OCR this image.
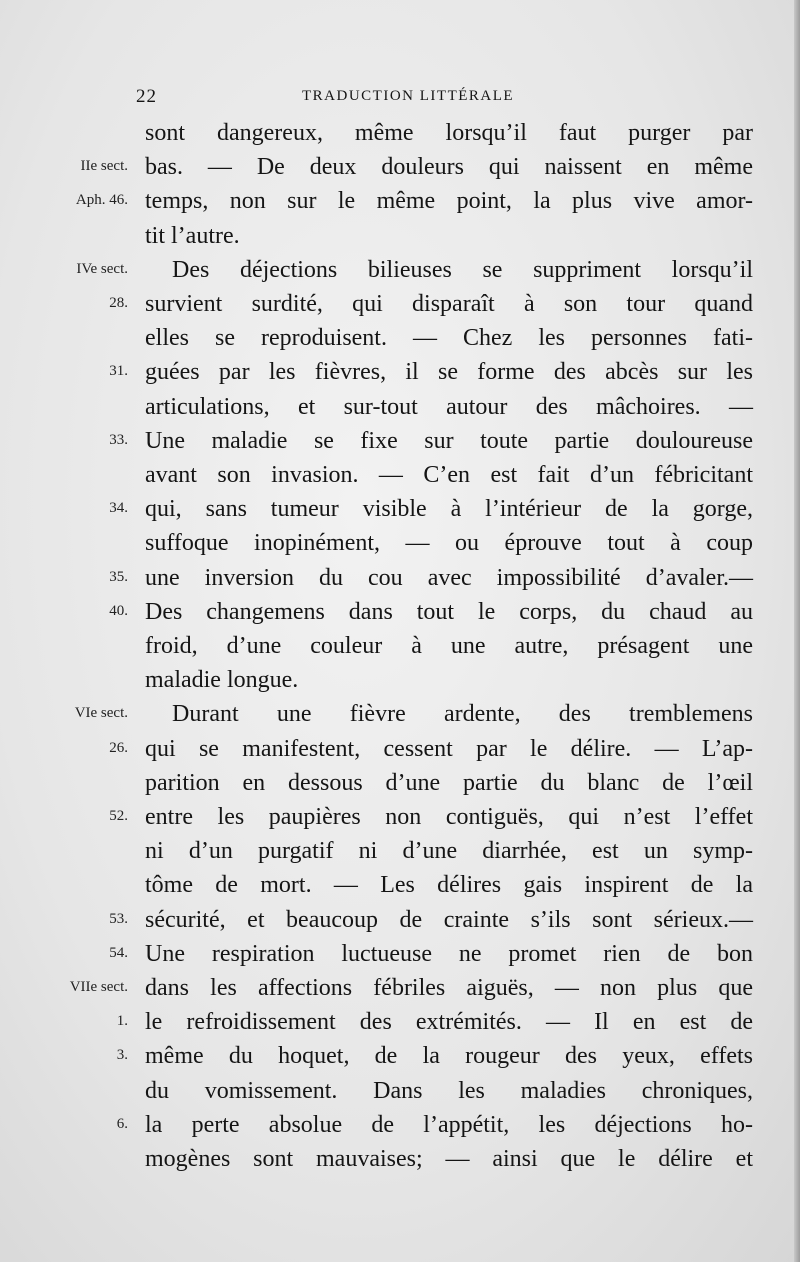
22	TRADUCTION LITTÉRALE
IIe sect.
Aph. 46.
IVe sect.
28.
31.
33.
34.
35.
40.
VIe sect.
26.
52.
53.
54.
VIIe sect.
1.
3.
6.
sont dangereux, même lorsqu’il faut purger par
bas. — De deux douleurs qui naissent en même
temps, non sur le même point, la plus vive amor-
tit l’autre.
Des déjections bilieuses se suppriment lorsqu’il
survient surdité, qui disparaît à son tour quand
elles se reproduisent. — Chez les personnes fati-
guées par les fièvres, il se forme des abcès sur les
articulations, et sur-tout autour des mâchoires. —
Une maladie se fixe sur toute partie douloureuse
avant son invasion. — C’en est fait d’un fébricitant
qui, sans tumeur visible à l’intérieur de la gorge,
suffoque inopinément, — ou éprouve tout à coup
une inversion du cou avec impossibilité d’avaler.—
Des changemens dans tout le corps, du chaud au
froid, d’une couleur à une autre, présagent une
maladie longue.
Durant une fièvre ardente, des tremblemens
qui se manifestent, cessent par le délire. — L’ap-
parition en dessous d’une partie du blanc de l’œil
entre les paupières non contiguës, qui n’est l’effet
ni d’un purgatif ni d’une diarrhée, est un symp-
tôme de mort. — Les délires gais inspirent de la
sécurité, et beaucoup de crainte s’ils sont sérieux.—
Une respiration luctueuse ne promet rien de bon
dans les affections fébriles aiguës, — non plus que
le refroidissement des extrémités. — Il en est de
même du hoquet, de la rougeur des yeux, effets
du vomissement. Dans les maladies chroniques,
la perte absolue de l’appétit, les déjections ho-
mogènes sont mauvaises; — ainsi que le délire et
